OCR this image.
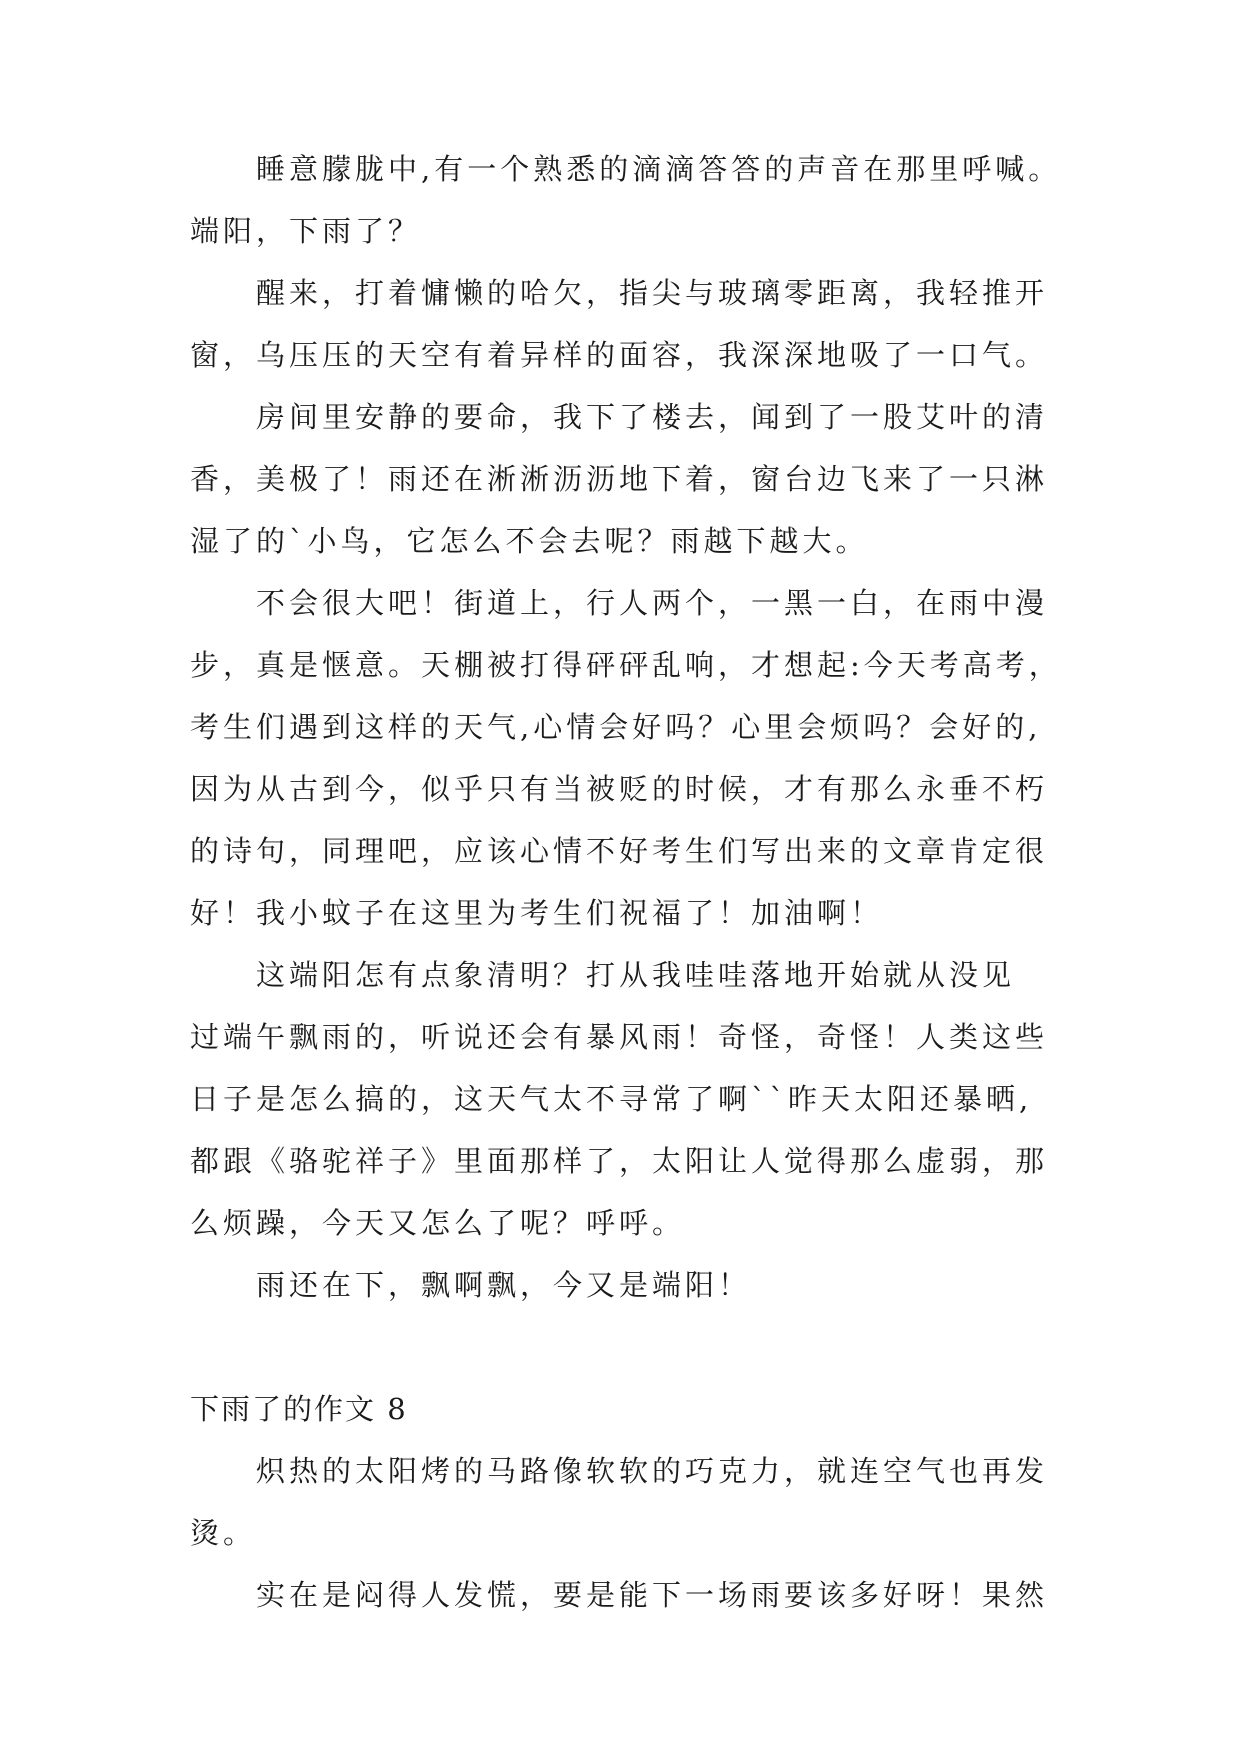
睡意朦胧中,有一个熟悉的滴滴答答的声音在那里呼喊。
端阳，下雨了？

醒来，打着慵懒的哈欠，指尖与玻璃零距离，我轻推开
窗，乌压压的天空有着异样的面容，我深深地吸了一口气。

房间里安静的要命，我下了楼去，闻到了一股艾叶的清
香，美极了！雨还在淅淅沥沥地下着，窗台边飞来了一只淋
湿了的`小鸟，它怎么不会去呢？雨越下越大。

不会很大吧！街道上，行人两个，一黑一白，在雨中漫
步，真是惬意。天棚被打得砰砰乱响，才想起:今天考高考，
考生们遇到这样的天气,心情会好吗？心里会烦吗？会好的,
因为从古到今，似乎只有当被贬的时候，才有那么永垂不朽
的诗句，同理吧，应该心情不好考生们写出来的文章肯定很
好！我小蚊子在这里为考生们祝福了！加油啊！

这端阳怎有点象清明？打从我哇哇落地开始就从没见
过端午飘雨的，听说还会有暴风雨！奇怪，奇怪！人类这些
日子是怎么搞的，这天气太不寻常了啊``昨天太阳还暴晒,
都跟《骆驼祥子》里面那样了，太阳让人觉得那么虚弱，那
么烦躁，今天又怎么了呢？呼呼。

雨还在下，飘啊飘，今又是端阳！

下雨了的作文 8

炽热的太阳烤的马路像软软的巧克力，就连空气也再发
烫。

实在是闷得人发慌，要是能下一场雨要该多好呀！果然
